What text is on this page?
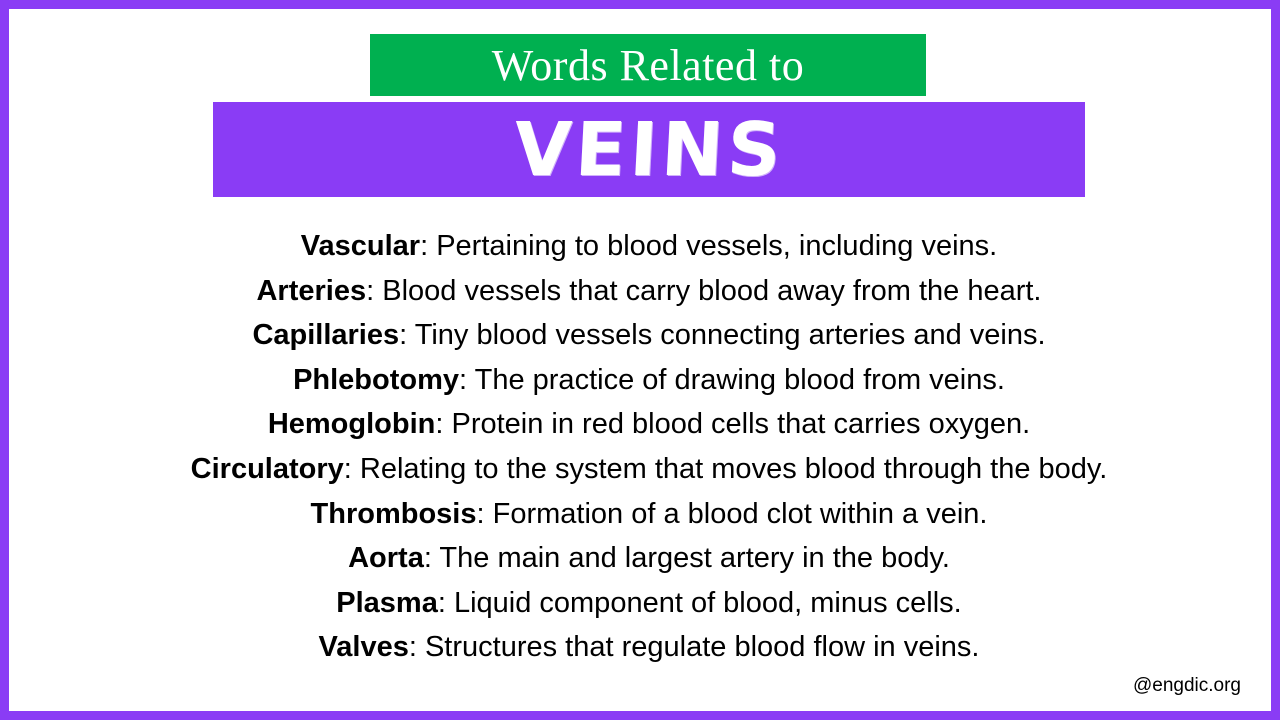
Words Related to
VEINS
Vascular: Pertaining to blood vessels, including veins.
Arteries: Blood vessels that carry blood away from the heart.
Capillaries: Tiny blood vessels connecting arteries and veins.
Phlebotomy: The practice of drawing blood from veins.
Hemoglobin: Protein in red blood cells that carries oxygen.
Circulatory: Relating to the system that moves blood through the body.
Thrombosis: Formation of a blood clot within a vein.
Aorta: The main and largest artery in the body.
Plasma: Liquid component of blood, minus cells.
Valves: Structures that regulate blood flow in veins.
@engdic.org
